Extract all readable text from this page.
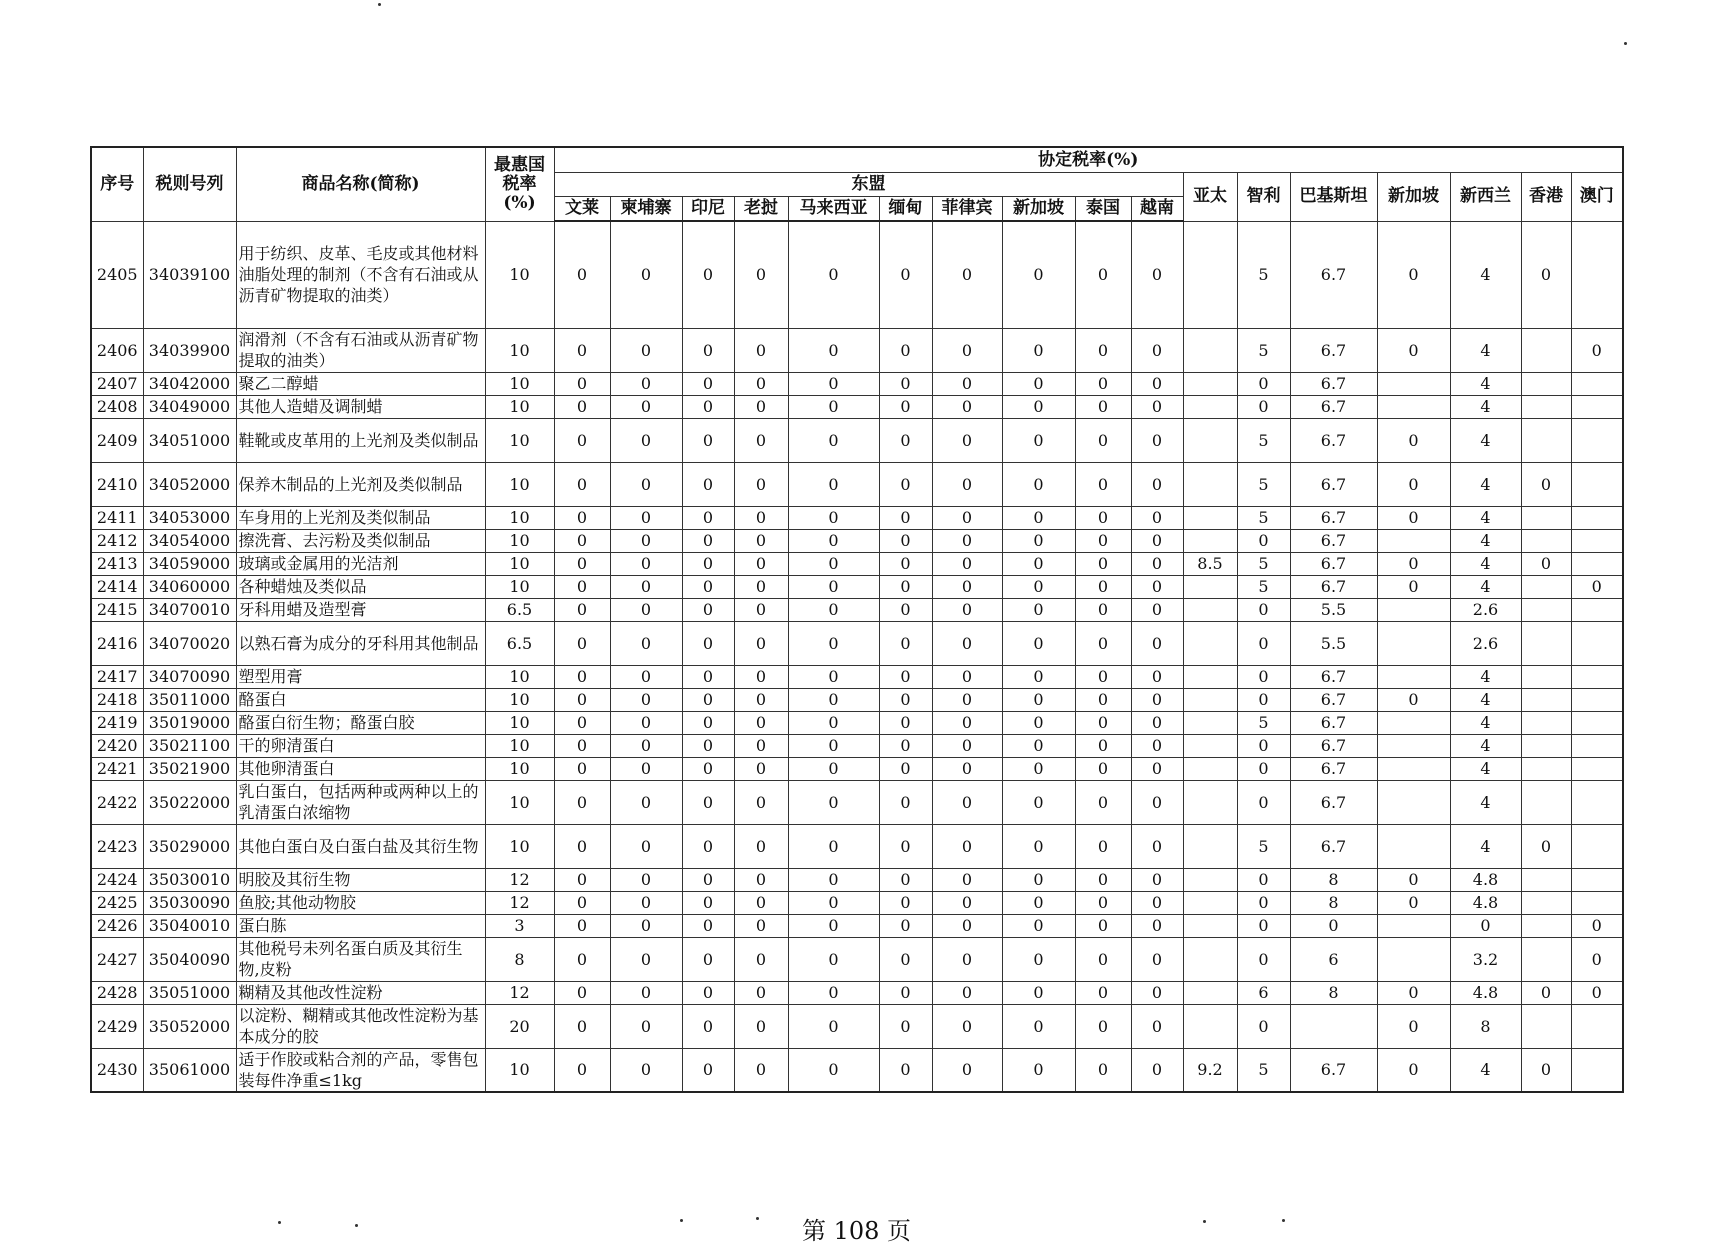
序号	税则号列	商品名称(简称)	最惠国
税率
(%)	协定税率(%)																
				东盟										亚太	智利	巴基斯坦	新加坡	新西兰	香港	澳门
				文莱	柬埔寨	印尼	老挝	马来西亚	缅甸	菲律宾	新加坡	泰国	越南							
2405	34039100	用于纺织、皮革、毛皮或其他材料油脂处理的制剂（不含有石油或从沥青矿物提取的油类）	10	0	0	0	0	0	0	0	0	0	0		5	6.7	0	4	0	
2406	34039900	润滑剂（不含有石油或从沥青矿物提取的油类）	10	0	0	0	0	0	0	0	0	0	0		5	6.7	0	4		0
2407	34042000	聚乙二醇蜡	10	0	0	0	0	0	0	0	0	0	0		0	6.7		4		
2408	34049000	其他人造蜡及调制蜡	10	0	0	0	0	0	0	0	0	0	0		0	6.7		4		
2409	34051000	鞋靴或皮革用的上光剂及类似制品	10	0	0	0	0	0	0	0	0	0	0		5	6.7	0	4		
2410	34052000	保养木制品的上光剂及类似制品	10	0	0	0	0	0	0	0	0	0	0		5	6.7	0	4	0	
2411	34053000	车身用的上光剂及类似制品	10	0	0	0	0	0	0	0	0	0	0		5	6.7	0	4		
2412	34054000	擦洗膏、去污粉及类似制品	10	0	0	0	0	0	0	0	0	0	0		0	6.7		4		
2413	34059000	玻璃或金属用的光洁剂	10	0	0	0	0	0	0	0	0	0	0	8.5	5	6.7	0	4	0	
2414	34060000	各种蜡烛及类似品	10	0	0	0	0	0	0	0	0	0	0		5	6.7	0	4		0
2415	34070010	牙科用蜡及造型膏	6.5	0	0	0	0	0	0	0	0	0	0		0	5.5		2.6		
2416	34070020	以熟石膏为成分的牙科用其他制品	6.5	0	0	0	0	0	0	0	0	0	0		0	5.5		2.6		
2417	34070090	塑型用膏	10	0	0	0	0	0	0	0	0	0	0		0	6.7		4		
2418	35011000	酪蛋白	10	0	0	0	0	0	0	0	0	0	0		0	6.7	0	4		
2419	35019000	酪蛋白衍生物；酪蛋白胶	10	0	0	0	0	0	0	0	0	0	0		5	6.7		4		
2420	35021100	干的卵清蛋白	10	0	0	0	0	0	0	0	0	0	0		0	6.7		4		
2421	35021900	其他卵清蛋白	10	0	0	0	0	0	0	0	0	0	0		0	6.7		4		
2422	35022000	乳白蛋白，包括两种或两种以上的乳清蛋白浓缩物	10	0	0	0	0	0	0	0	0	0	0		0	6.7		4		
2423	35029000	其他白蛋白及白蛋白盐及其衍生物	10	0	0	0	0	0	0	0	0	0	0		5	6.7		4	0	
2424	35030010	明胶及其衍生物	12	0	0	0	0	0	0	0	0	0	0		0	8	0	4.8		
2425	35030090	鱼胶;其他动物胶	12	0	0	0	0	0	0	0	0	0	0		0	8	0	4.8		
2426	35040010	蛋白胨	3	0	0	0	0	0	0	0	0	0	0		0	0		0		0
2427	35040090	其他税号未列名蛋白质及其衍生物,皮粉	8	0	0	0	0	0	0	0	0	0	0		0	6		3.2		0
2428	35051000	糊精及其他改性淀粉	12	0	0	0	0	0	0	0	0	0	0		6	8	0	4.8	0	0
2429	35052000	以淀粉、糊精或其他改性淀粉为基本成分的胶	20	0	0	0	0	0	0	0	0	0	0		0		0	8		
2430	35061000	适于作胶或粘合剂的产品，零售包装每件净重≤1kg	10	0	0	0	0	0	0	0	0	0	0	9.2	5	6.7	0	4	0	
第 108 页
